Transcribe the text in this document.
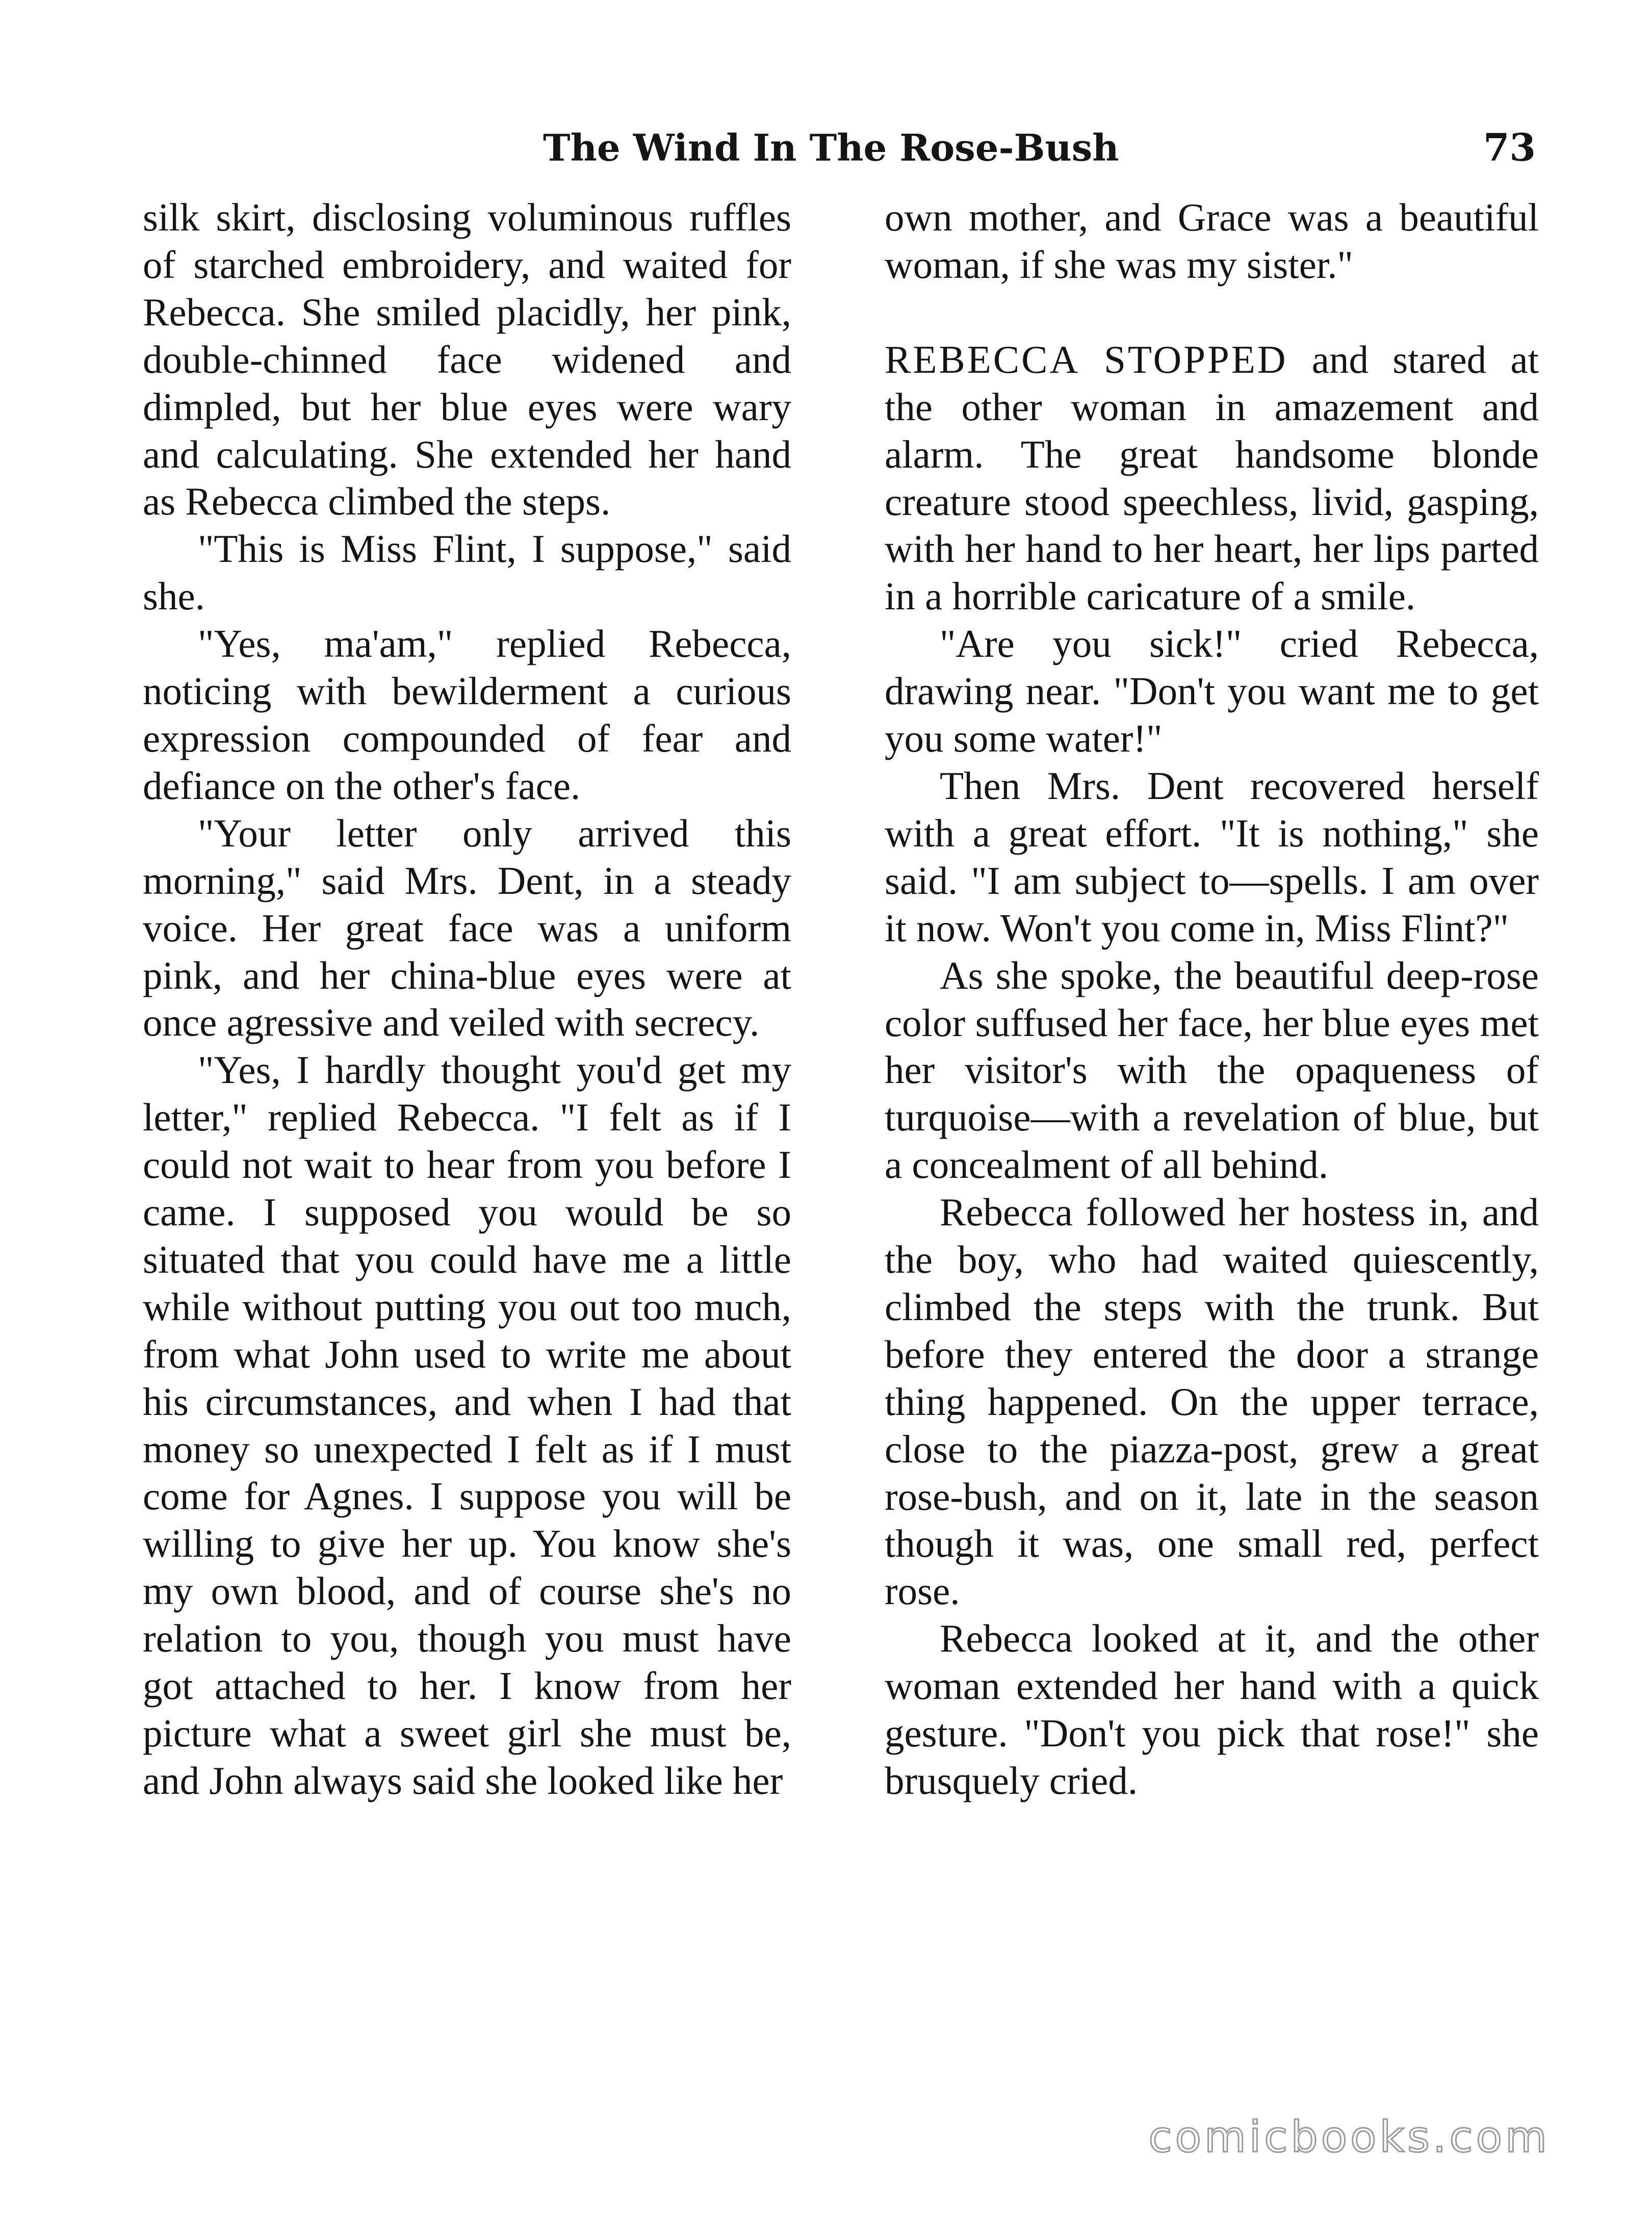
The Wind In The Rose-Bush	73

silk skirt, disclosing voluminous ruffles of starched embroidery, and waited for Rebecca. She smiled placidly, her pink, double-chinned face widened and dimpled, but her blue eyes were wary and calculating. She extended her hand as Rebecca climbed the steps.

"This is Miss Flint, I suppose," said she.

"Yes, ma'am," replied Rebecca, noticing with bewilderment a curious expression compounded of fear and defiance on the other's face.

"Your letter only arrived this morning," said Mrs. Dent, in a steady voice. Her great face was a uniform pink, and her china-blue eyes were at once agressive and veiled with secrecy.

"Yes, I hardly thought you'd get my letter," replied Rebecca. "I felt as if I could not wait to hear from you before I came. I supposed you would be so situated that you could have me a little while without putting you out too much, from what John used to write me about his circumstances, and when I had that money so unexpected I felt as if I must come for Agnes. I suppose you will be willing to give her up. You know she's my own blood, and of course she's no relation to you, though you must have got attached to her. I know from her picture what a sweet girl she must be, and John always said she looked like her

own mother, and Grace was a beautiful woman, if she was my sister."

REBECCA STOPPED and stared at the other woman in amazement and alarm. The great handsome blonde creature stood speechless, livid, gasping, with her hand to her heart, her lips parted in a horrible caricature of a smile.

"Are you sick!" cried Rebecca, drawing near. "Don't you want me to get you some water!"

Then Mrs. Dent recovered herself with a great effort. "It is nothing," she said. "I am subject to—spells. I am over it now. Won't you come in, Miss Flint?"

As she spoke, the beautiful deep-rose color suffused her face, her blue eyes met her visitor's with the opaqueness of turquoise—with a revelation of blue, but a concealment of all behind.

Rebecca followed her hostess in, and the boy, who had waited quiescently, climbed the steps with the trunk. But before they entered the door a strange thing happened. On the upper terrace, close to the piazza-post, grew a great rose-bush, and on it, late in the season though it was, one small red, perfect rose.

Rebecca looked at it, and the other woman extended her hand with a quick gesture. "Don't you pick that rose!" she brusquely cried.

comicbooks.com
